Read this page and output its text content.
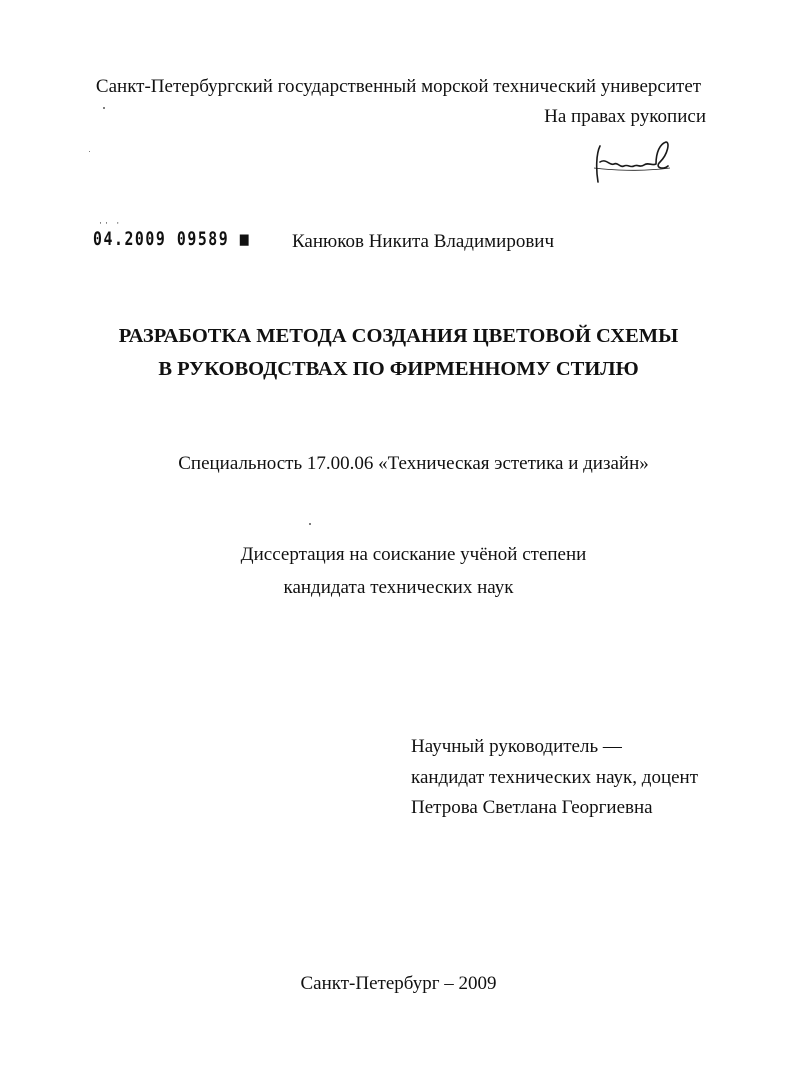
Санкт-Петербургский государственный морской технический университет
На правах рукописи
·· ·
04.2009 09589 ■ Канюков Никита Владимирович
РАЗРАБОТКА МЕТОДА СОЗДАНИЯ ЦВЕТОВОЙ СХЕМЫ
В РУКОВОДСТВАХ ПО ФИРМЕННОМУ СТИЛЮ
Специальность 17.00.06 «Техническая эстетика и дизайн»
Диссертация на соискание учёной степени
кандидата технических наук
Научный руководитель —
кандидат технических наук, доцент
Петрова Светлана Георгиевна
Санкт-Петербург – 2009
